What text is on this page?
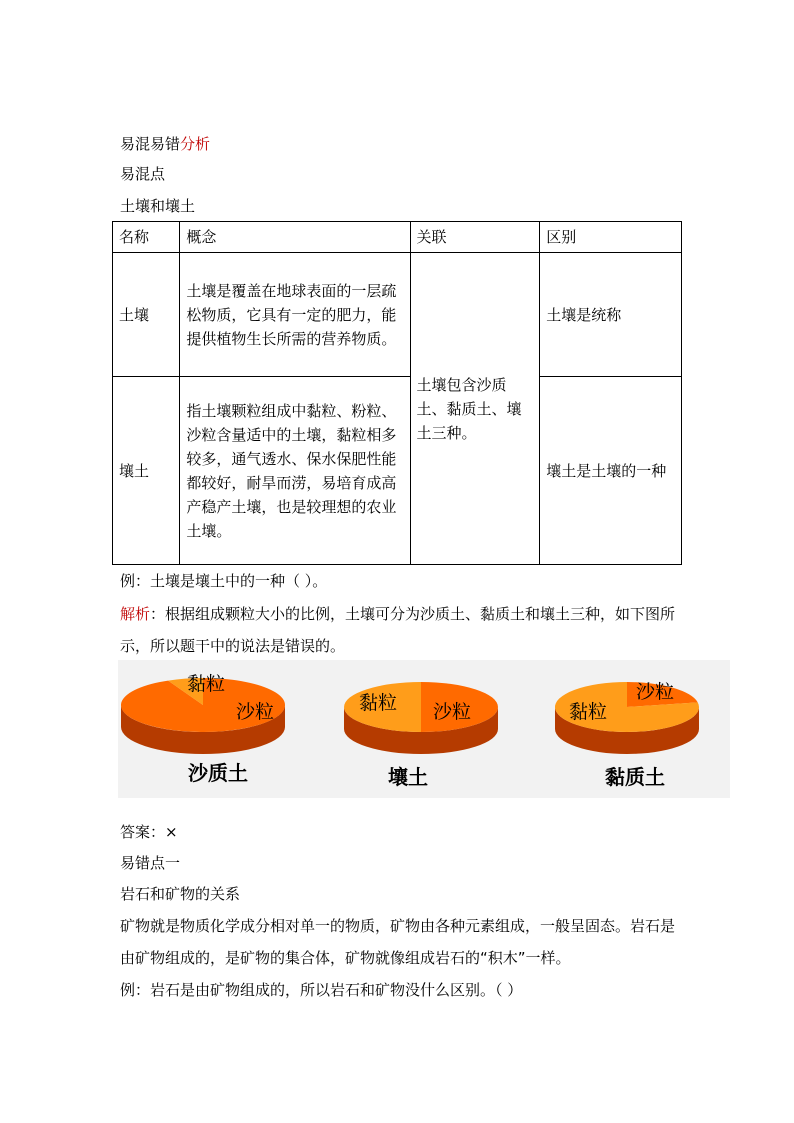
易混易错分析

易混点

土壤和壤土

名称	概念	关联	区别
土壤	土壤是覆盖在地球表面的一层疏松物质，它具有一定的肥力，能提供植物生长所需的营养物质。	土壤包含沙质土、黏质土、壤土三种。	土壤是统称
壤土	指土壤颗粒组成中黏粒、粉粒、沙粒含量适中的土壤，黏粒相多较多，通气透水、保水保肥性能都较好，耐旱而涝，易培育成高产稳产土壤，也是较理想的农业土壤。		壤土是土壤的一种

例：土壤是壤土中的一种（ ）。

解析：根据组成颗粒大小的比例，土壤可分为沙质土、黏质土和壤土三种，如下图所示，所以题干中的说法是错误的。

黏粒
沙粒
沙质土
黏粒 沙粒
壤土
黏粒
沙粒
黏质土

答案：×

易错点一

岩石和矿物的关系

矿物就是物质化学成分相对单一的物质，矿物由各种元素组成，一般呈固态。岩石是由矿物组成的，是矿物的集合体，矿物就像组成岩石的“积木”一样。

例：岩石是由矿物组成的，所以岩石和矿物没什么区别。（ ）
